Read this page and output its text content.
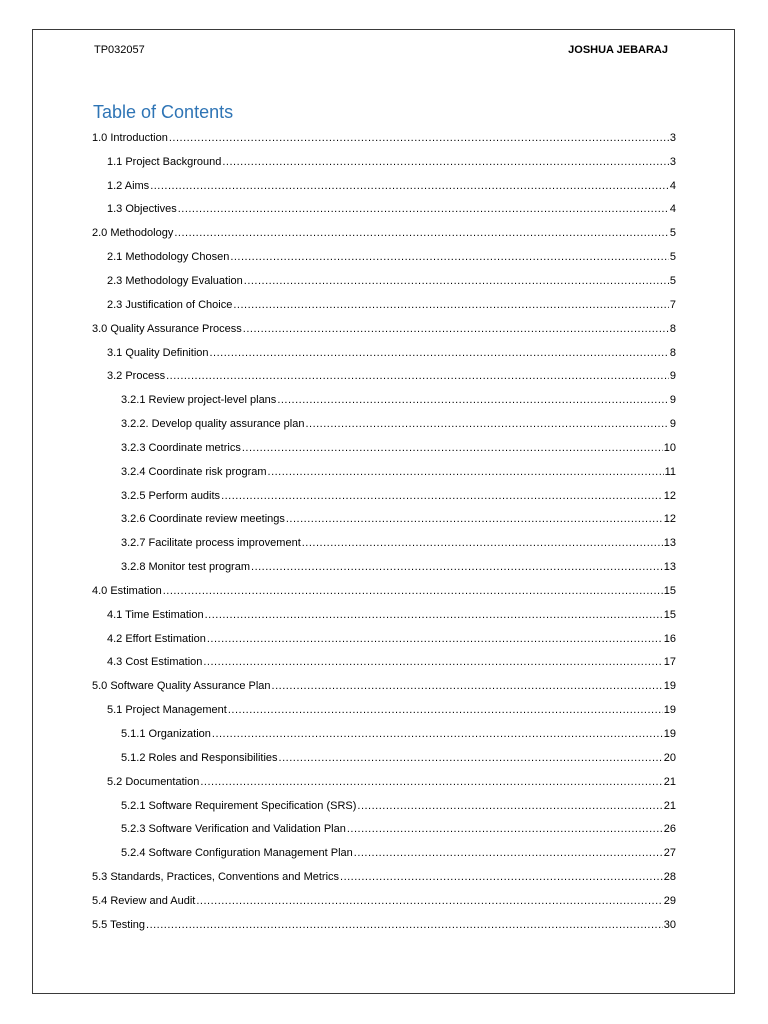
TP032057	JOSHUA JEBARAJ
Table of Contents
1.0 Introduction .....	3
1.1 Project Background .....	3
1.2 Aims .....	4
1.3 Objectives .....	4
2.0 Methodology .....	5
2.1 Methodology Chosen .....	5
2.3 Methodology Evaluation .....	5
2.3 Justification of Choice .....	7
3.0 Quality Assurance Process .....	8
3.1 Quality Definition .....	8
3.2 Process .....	9
3.2.1 Review project-level plans .....	9
3.2.2. Develop quality assurance plan .....	9
3.2.3 Coordinate metrics .....	10
3.2.4 Coordinate risk program .....	11
3.2.5 Perform audits .....	12
3.2.6 Coordinate review meetings .....	12
3.2.7 Facilitate process improvement .....	13
3.2.8 Monitor test program .....	13
4.0 Estimation .....	15
4.1 Time Estimation .....	15
4.2 Effort Estimation .....	16
4.3 Cost Estimation .....	17
5.0 Software Quality Assurance Plan .....	19
5.1 Project Management .....	19
5.1.1 Organization .....	19
5.1.2 Roles and Responsibilities .....	20
5.2 Documentation .....	21
5.2.1 Software Requirement Specification (SRS) .....	21
5.2.3 Software Verification and Validation Plan .....	26
5.2.4 Software Configuration Management Plan .....	27
5.3 Standards, Practices, Conventions and Metrics .....	28
5.4 Review and Audit .....	29
5.5 Testing .....	30
